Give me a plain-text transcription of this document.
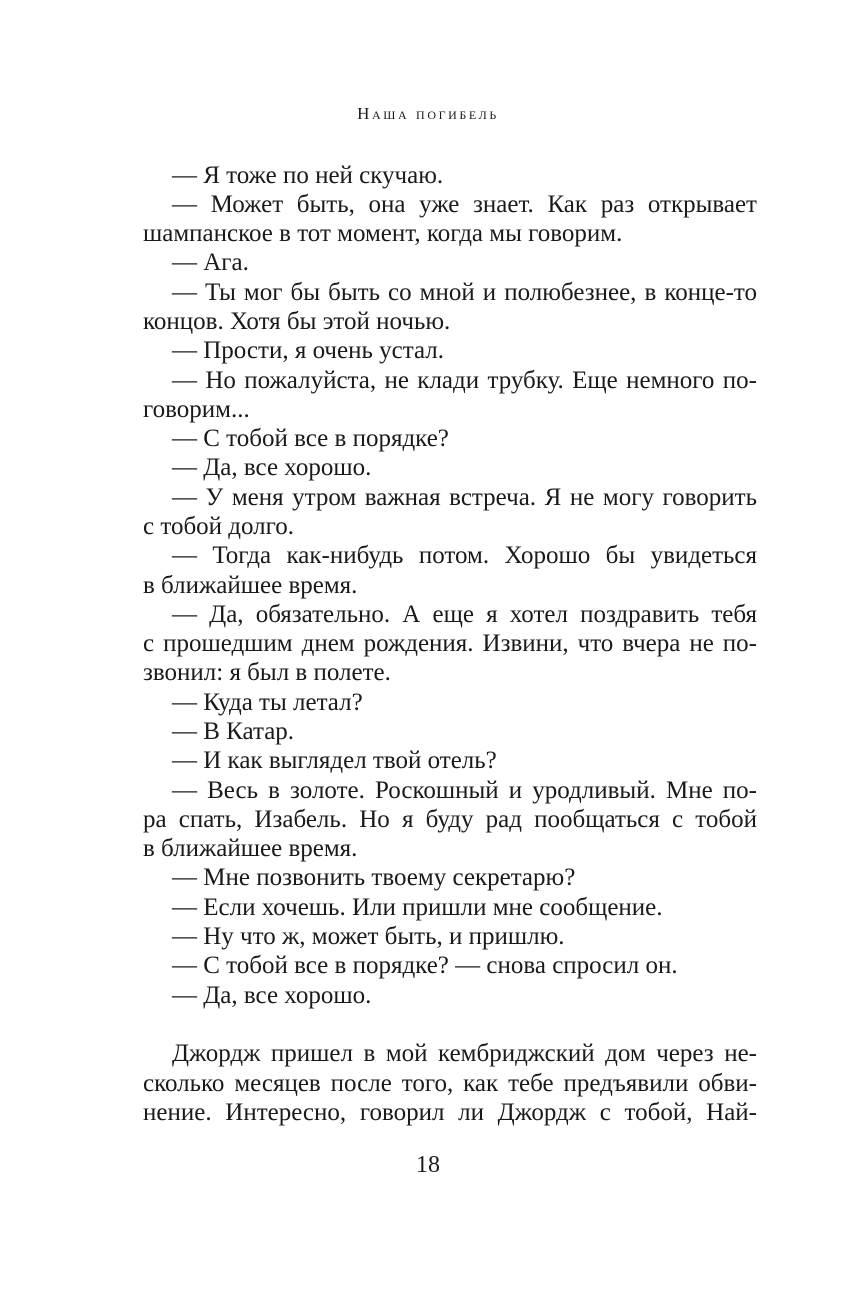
Наша погибель
— Я тоже по ней скучаю.
— Может быть, она уже знает. Как раз открывает
шампанское в тот момент, когда мы говорим.
— Ага.
— Ты мог бы быть со мной и полюбезнее, в конце-то
концов. Хотя бы этой ночью.
— Прости, я очень устал.
— Но пожалуйста, не клади трубку. Еще немного по-
говорим...
— С тобой все в порядке?
— Да, все хорошо.
— У меня утром важная встреча. Я не могу говорить
с тобой долго.
— Тогда как-нибудь потом. Хорошо бы увидеться
в ближайшее время.
— Да, обязательно. А еще я хотел поздравить тебя
с прошедшим днем рождения. Извини, что вчера не по-
звонил: я был в полете.
— Куда ты летал?
— В Катар.
— И как выглядел твой отель?
— Весь в золоте. Роскошный и уродливый. Мне по-
ра спать, Изабель. Но я буду рад пообщаться с тобой
в ближайшее время.
— Мне позвонить твоему секретарю?
— Если хочешь. Или пришли мне сообщение.
— Ну что ж, может быть, и пришлю.
— С тобой все в порядке? — снова спросил он.
— Да, все хорошо.
Джордж пришел в мой кембриджский дом через не-
сколько месяцев после того, как тебе предъявили обви-
нение. Интересно, говорил ли Джордж с тобой, Най-
18
